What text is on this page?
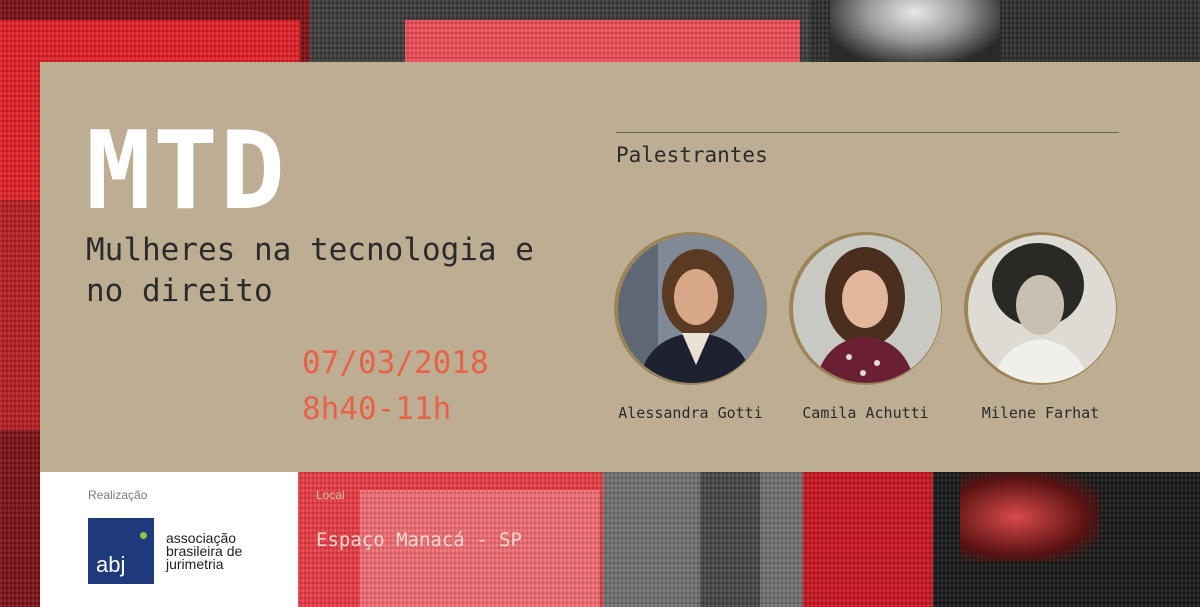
MTD
Mulheres na tecnologia e no direito
07/03/2018
8h40-11h
Palestrantes
Alessandra Gotti	Camila Achutti	Milene Farhat
Realização
abj
associação brasileira de jurimetria
Local
Espaço Manacá - SP
